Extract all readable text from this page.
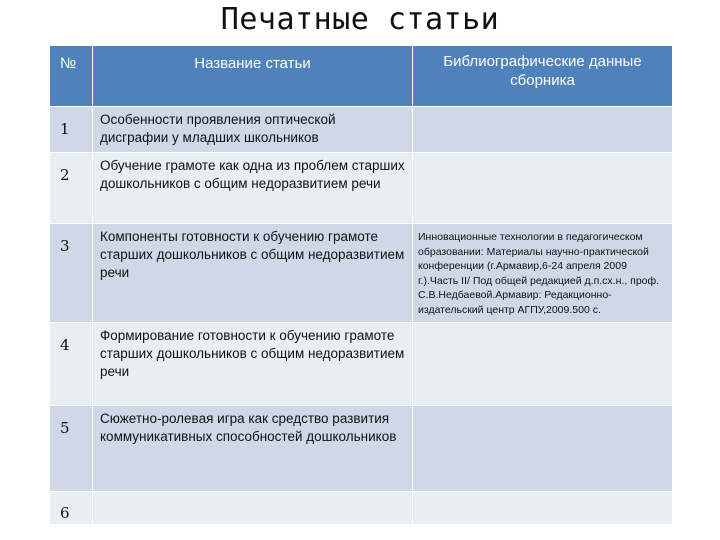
Печатные статьи
№	Название статьи	Библиографические данные сборника
1	Особенности проявления оптической дисграфии у младших школьников	
2	Обучение грамоте как одна из проблем старших дошкольников с общим недоразвитием речи	
3	Компоненты готовности к обучению грамоте старших дошкольников с общим недоразвитием речи	Инновационные технологии в педагогическом образовании: Материалы научно-практической конференции (г.Армавир,6-24 апреля 2009 г.).Часть II/ Под общей редакцией д.п.сх.н., проф. С.В.Недбаевой.Армавир: Редакционно-издательский центр АГПУ,2009.500 с.
4	Формирование готовности к обучению грамоте старших дошкольников с общим недоразвитием речи	
5	Сюжетно-ролевая игра как средство развития коммуникативных способностей дошкольников	
6		
